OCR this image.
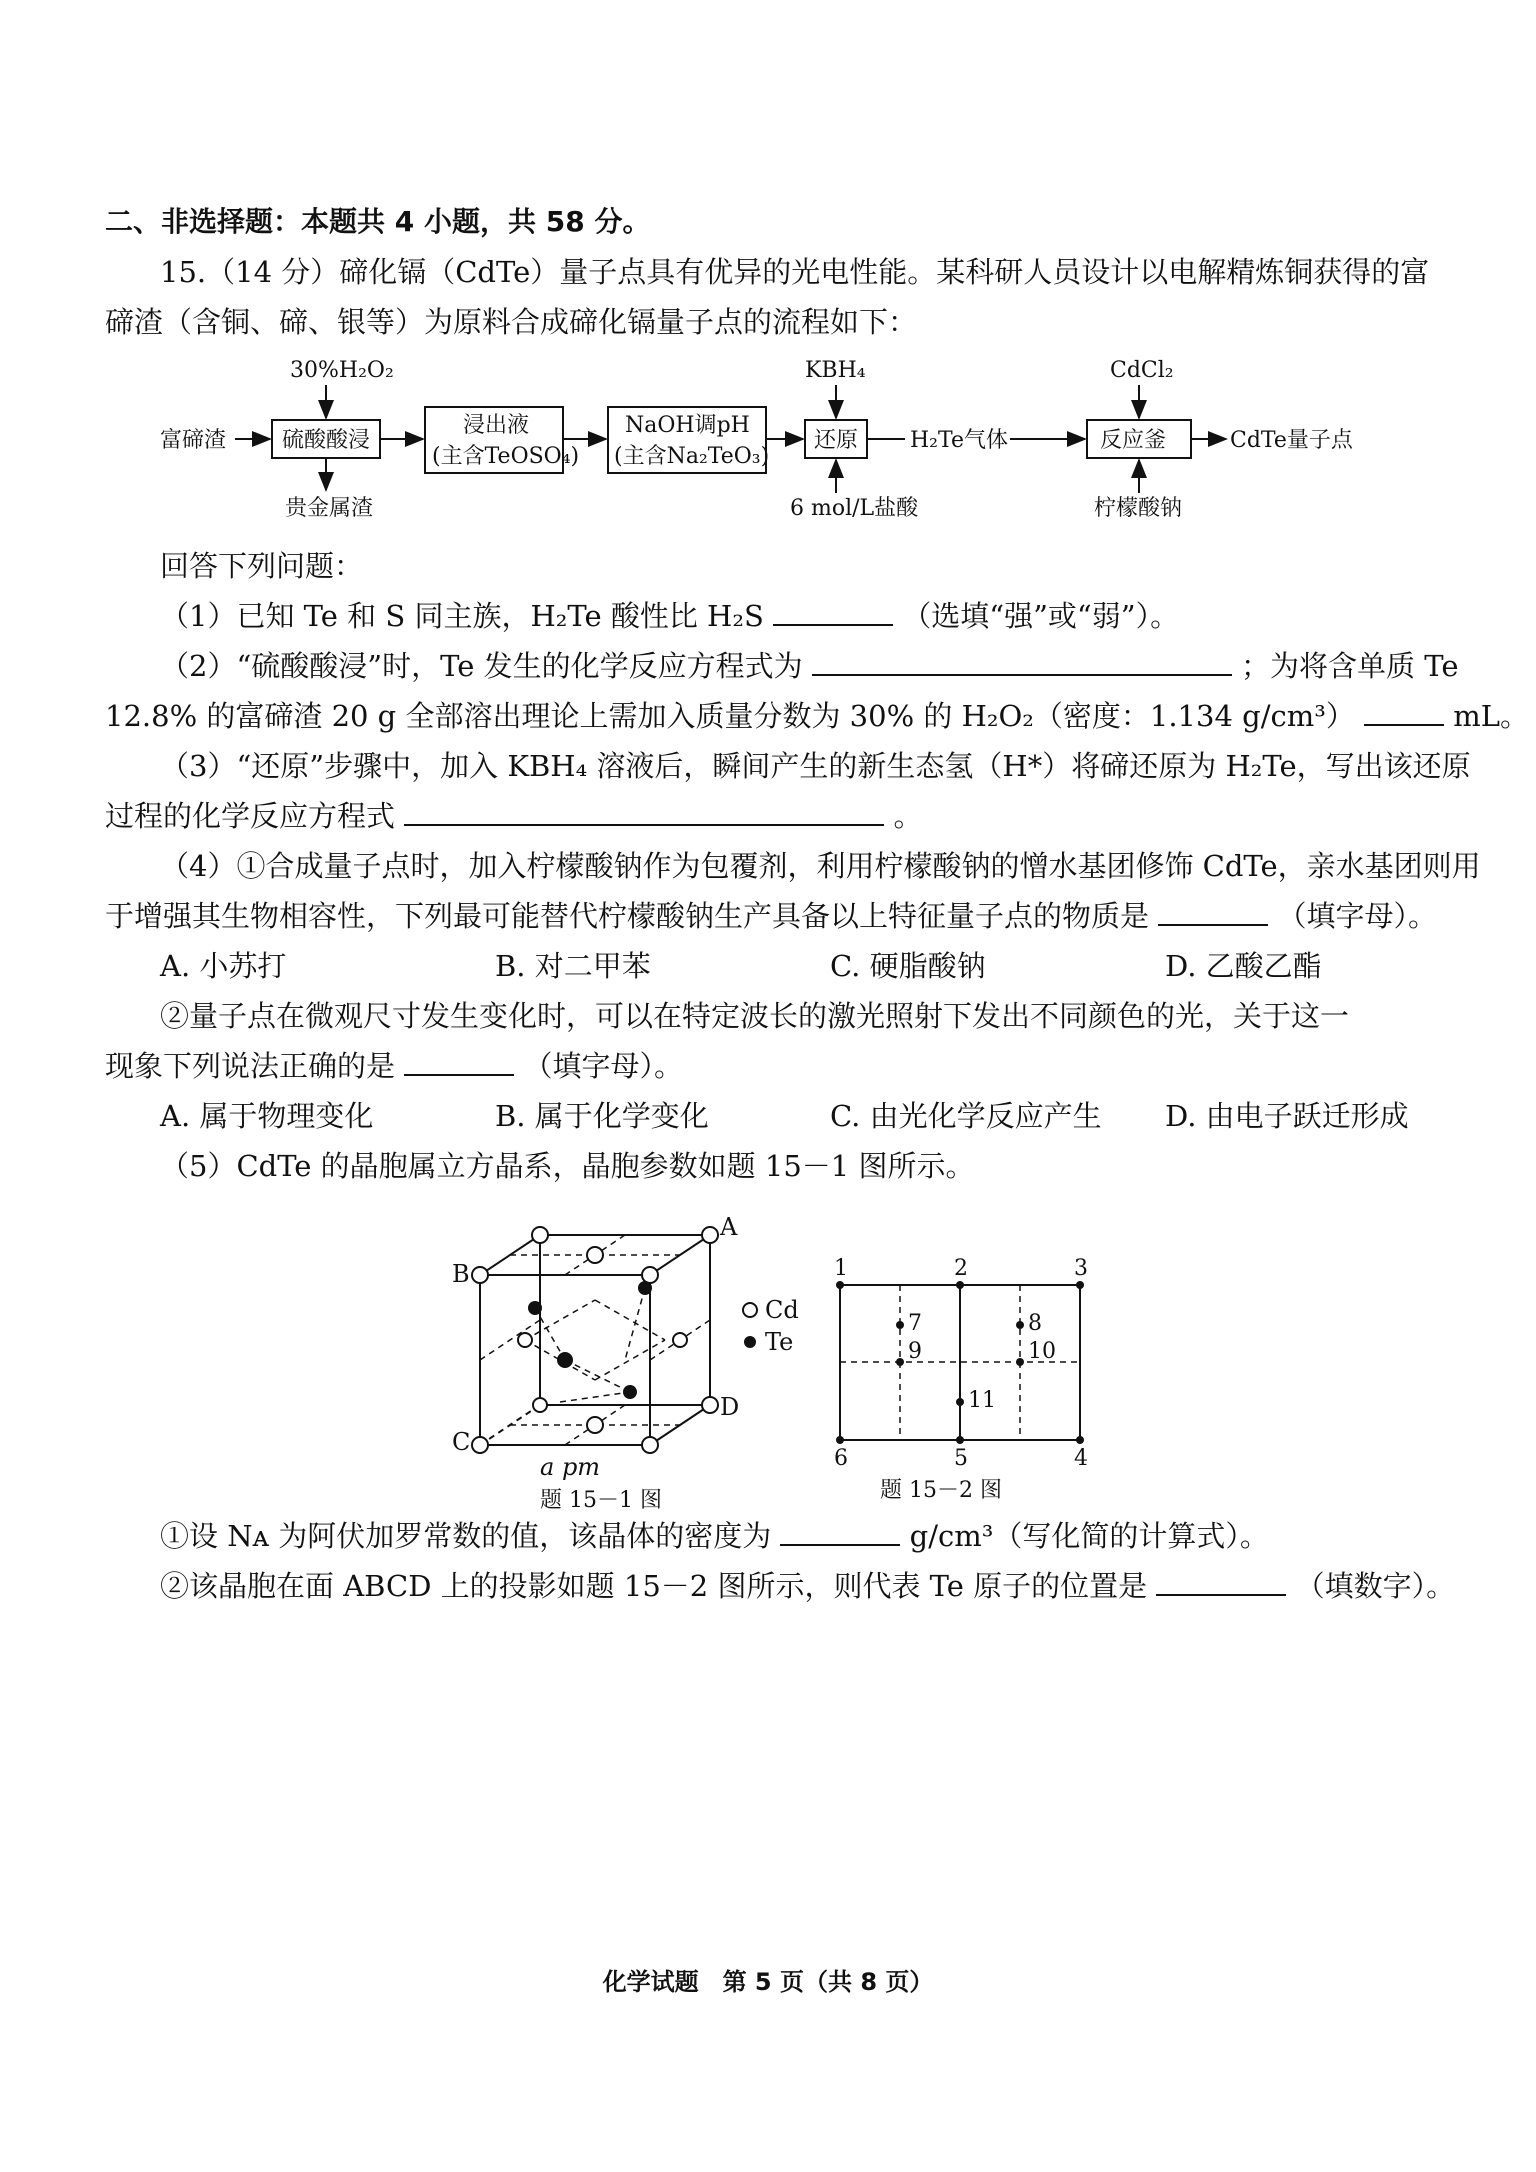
二、非选择题：本题共 4 小题，共 58 分。
15.（14 分）碲化镉（CdTe）量子点具有优异的光电性能。某科研人员设计以电解精炼铜获得的富
碲渣（含铜、碲、银等）为原料合成碲化镉量子点的流程如下：
30%H₂O₂
富碲渣	硫酸酸浸
贵金属渣
浸出液
(主含TeOSO₄)
NaOH调pH
(主含Na₂TeO₃)
KBH₄
还原
6 mol/L盐酸
H₂Te气体
CdCl₂
反应釜
柠檬酸钠
CdTe量子点
回答下列问题：
（1）已知 Te 和 S 同主族，H₂Te 酸性比 H₂S	（选填“强”或“弱”）。
（2）“硫酸酸浸”时，Te 发生的化学反应方程式为	；为将含单质 Te
12.8% 的富碲渣 20 g 全部溶出理论上需加入质量分数为 30% 的 H₂O₂（密度：1.134 g/cm³）	mL。
（3）“还原”步骤中，加入 KBH₄ 溶液后，瞬间产生的新生态氢（H*）将碲还原为 H₂Te，写出该还原
过程的化学反应方程式	。
（4）①合成量子点时，加入柠檬酸钠作为包覆剂，利用柠檬酸钠的憎水基团修饰 CdTe，亲水基团则用
于增强其生物相容性，下列最可能替代柠檬酸钠生产具备以上特征量子点的物质是	（填字母）。
A. 小苏打	B. 对二甲苯	C. 硬脂酸钠	D. 乙酸乙酯
②量子点在微观尺寸发生变化时，可以在特定波长的激光照射下发出不同颜色的光，关于这一
现象下列说法正确的是	（填字母）。
A. 属于物理变化	B. 属于化学变化	C. 由光化学反应产生 D. 由电子跃迁形成
（5）CdTe 的晶胞属立方晶系，晶胞参数如题 15－1 图所示。
A
B
C
D
a pm
Cd
Te
题 15－1 图
1	2	3
4
5
6
7	8
9	10
11
题 15－2 图
①设 Nᴀ 为阿伏加罗常数的值，该晶体的密度为	g/cm³（写化简的计算式）。
②该晶胞在面 ABCD 上的投影如题 15－2 图所示，则代表 Te 原子的位置是	（填数字）。
化学试题　第 5 页（共 8 页）
